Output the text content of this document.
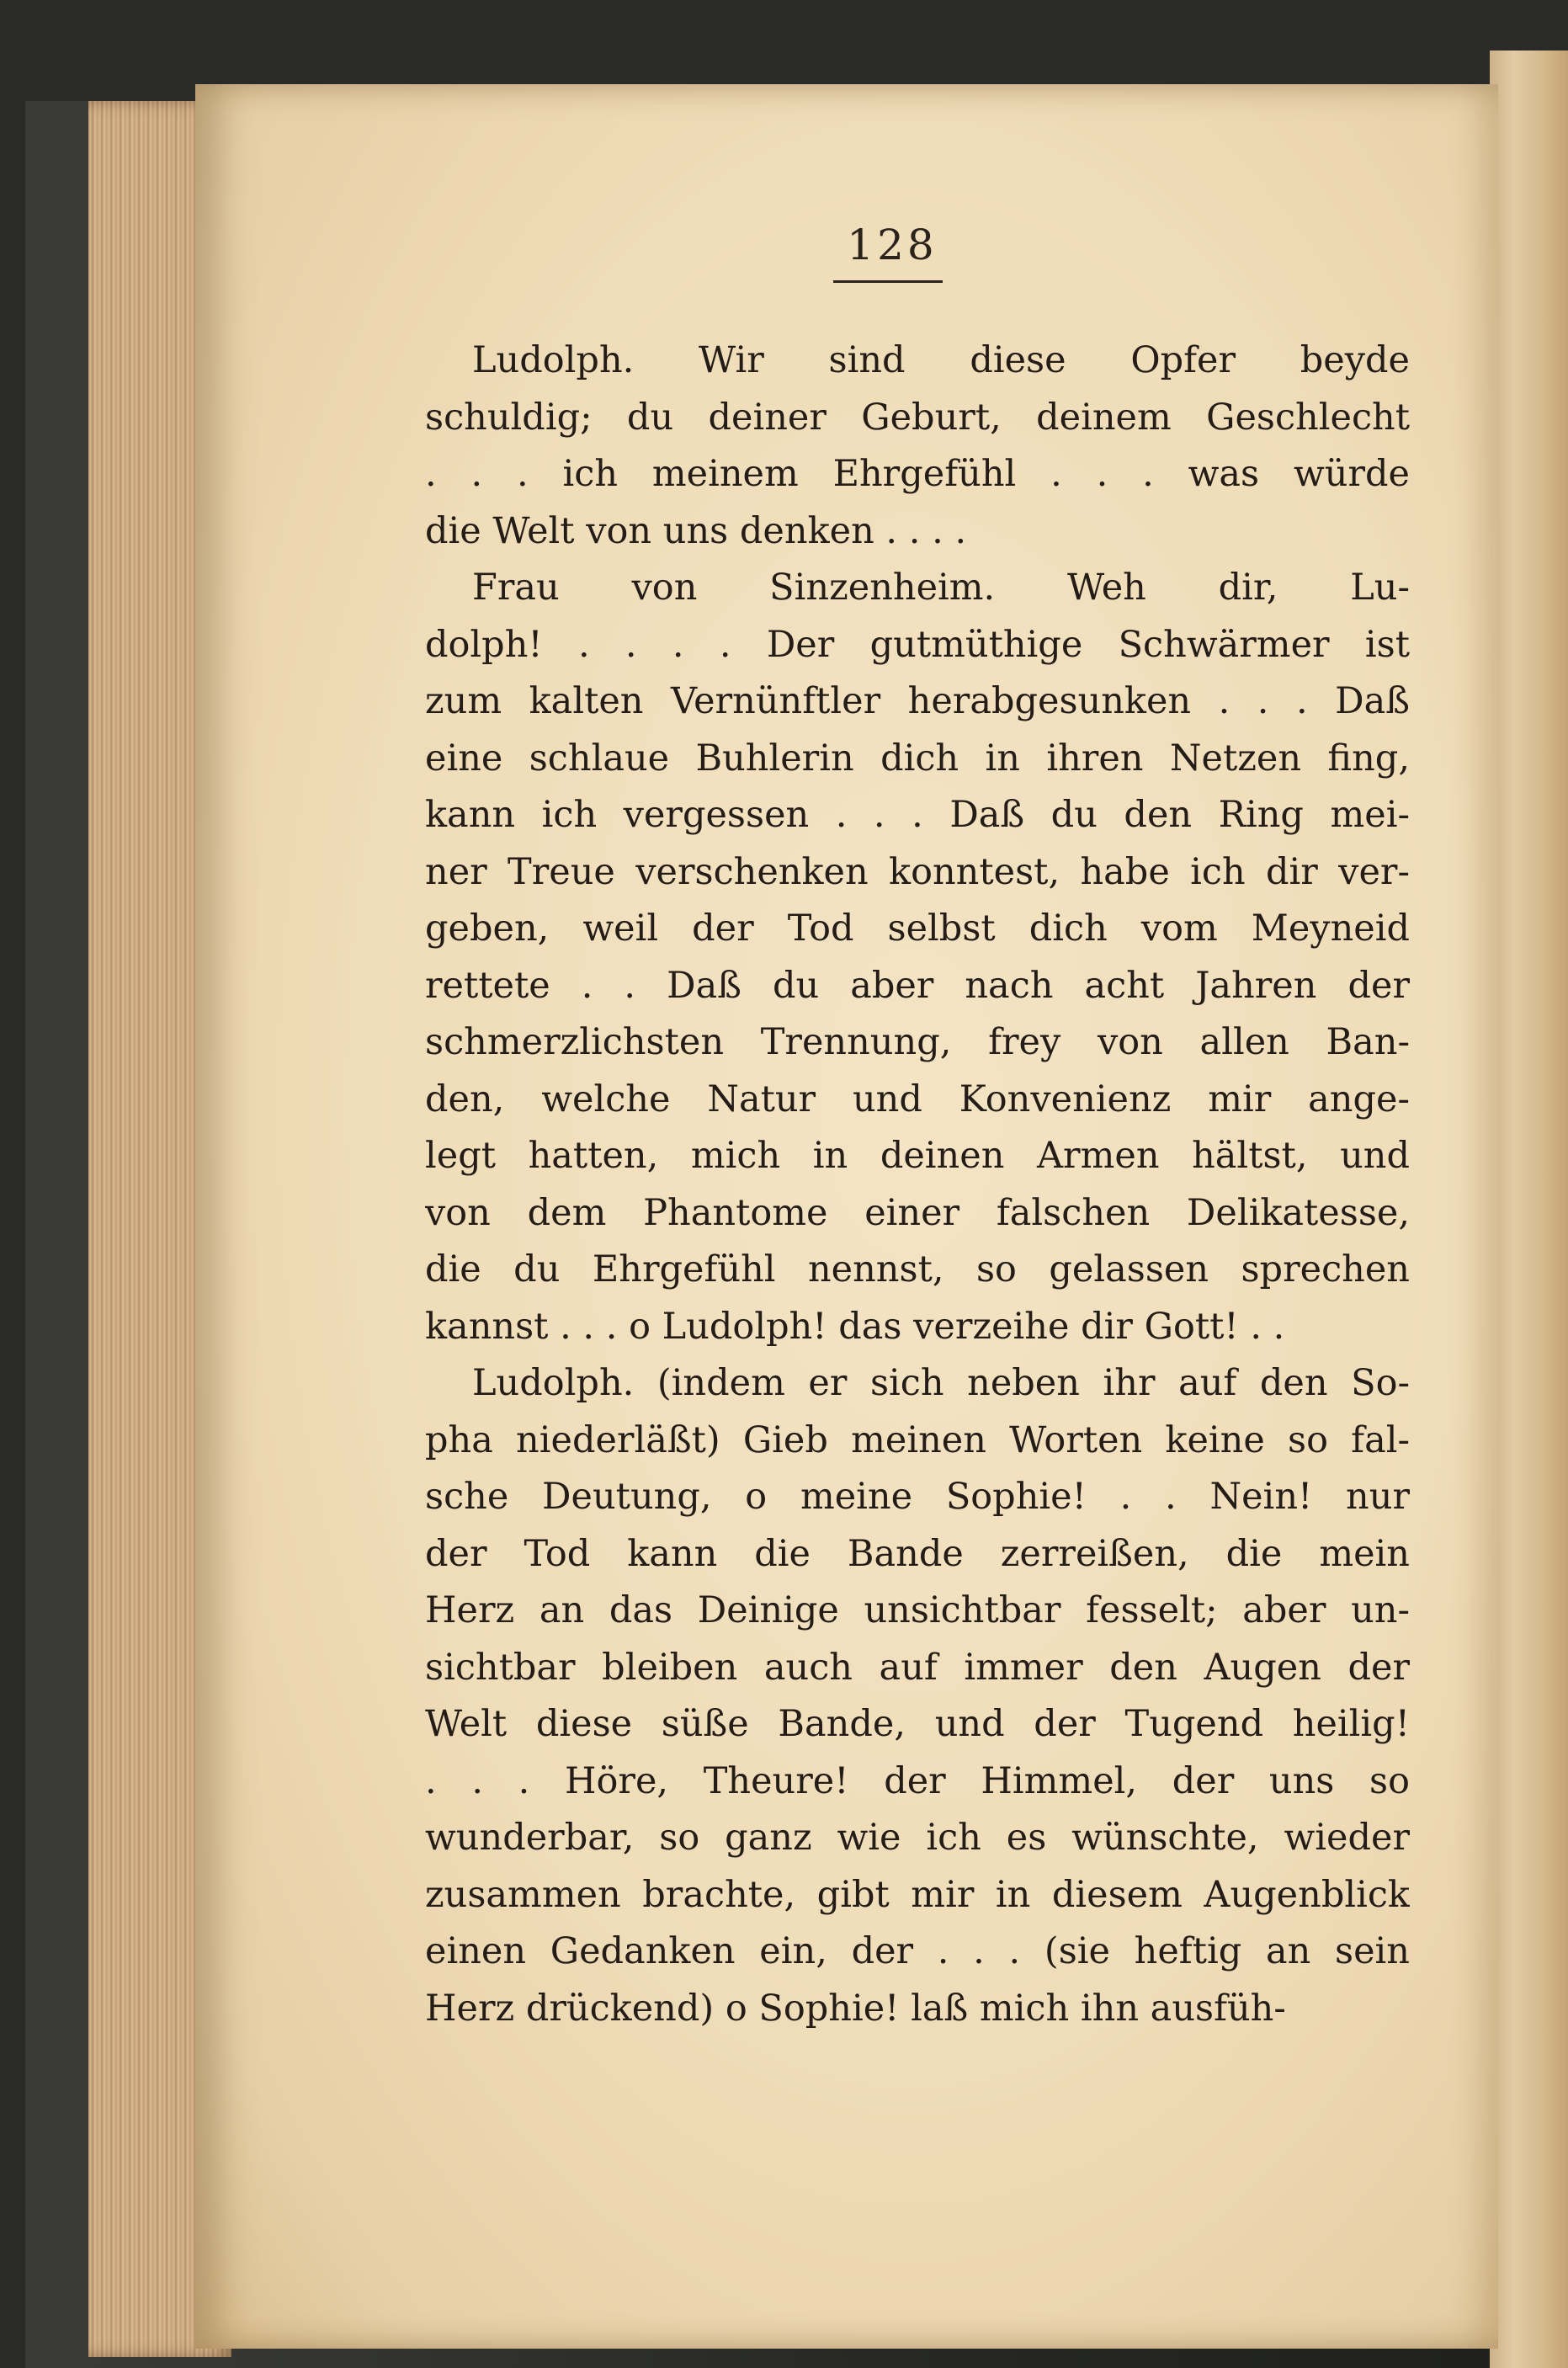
128
Ludolph. Wir sind diese Opfer beyde
schuldig; du deiner Geburt, deinem Geschlecht
. . . ich meinem Ehrgefühl . . . was würde
die Welt von uns denken . . . .
Frau von Sinzenheim. Weh dir, Lu-
dolph! . . . . Der gutmüthige Schwärmer ist
zum kalten Vernünftler herabgesunken . . . Daß
eine schlaue Buhlerin dich in ihren Netzen fing,
kann ich vergessen . . . Daß du den Ring mei-
ner Treue verschenken konntest, habe ich dir ver-
geben, weil der Tod selbst dich vom Meyneid
rettete . . Daß du aber nach acht Jahren der
schmerzlichsten Trennung, frey von allen Ban-
den, welche Natur und Konvenienz mir ange-
legt hatten, mich in deinen Armen hältst, und
von dem Phantome einer falschen Delikatesse,
die du Ehrgefühl nennst, so gelassen sprechen
kannst . . . o Ludolph! das verzeihe dir Gott! . .
Ludolph. (indem er sich neben ihr auf den So-
pha niederläßt) Gieb meinen Worten keine so fal-
sche Deutung, o meine Sophie! . . Nein! nur
der Tod kann die Bande zerreißen, die mein
Herz an das Deinige unsichtbar fesselt; aber un-
sichtbar bleiben auch auf immer den Augen der
Welt diese süße Bande, und der Tugend heilig!
. . . Höre, Theure! der Himmel, der uns so
wunderbar, so ganz wie ich es wünschte, wieder
zusammen brachte, gibt mir in diesem Augenblick
einen Gedanken ein, der . . . (sie heftig an sein
Herz drückend) o Sophie! laß mich ihn ausfüh-
